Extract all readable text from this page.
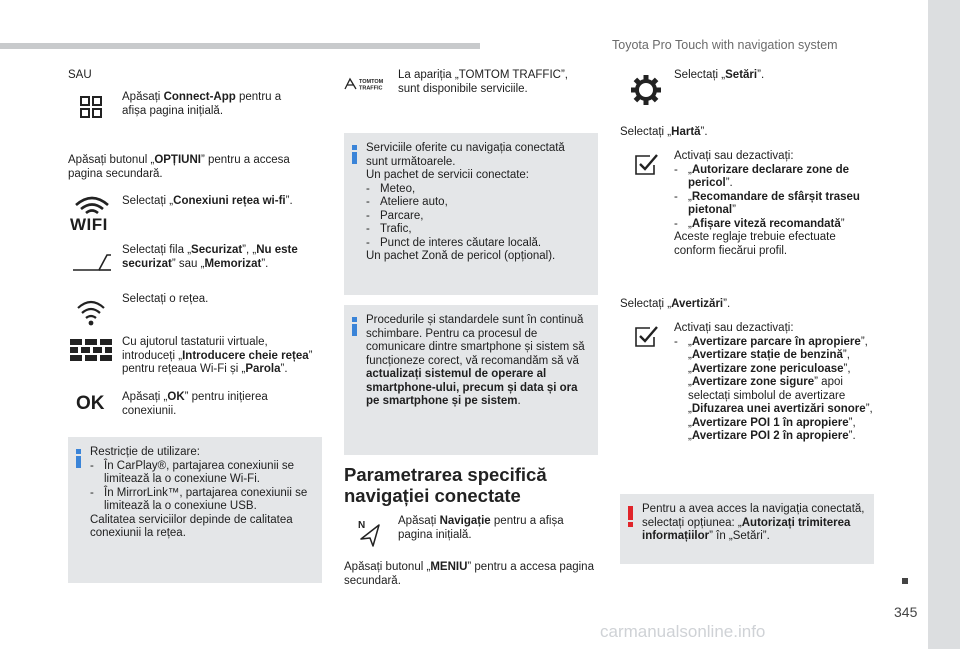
Toyota Pro Touch with navigation system
345
carmanualsonline.info
SAU
Apăsați Connect-App pentru a afișa pagina inițială.
Apăsați butonul „OPȚIUNI” pentru a accesa pagina secundară.
WIFI
Selectați „Conexiuni rețea wi-fi”.
Selectați fila „Securizat”, „Nu este securizat” sau „Memorizat”.
Selectați o rețea.
Cu ajutorul tastaturii virtuale, introduceți „Introducere cheie rețea” pentru rețeaua Wi-Fi și „Parola”.
OK Apăsați „OK” pentru inițierea conexiunii.
Restricție de utilizare:
- În CarPlay®, partajarea conexiunii se limitează la o conexiune Wi-Fi.
- În MirrorLink™, partajarea conexiunii se limitează la o conexiune USB.
Calitatea serviciilor depinde de calitatea conexiunii la rețea.
TOMTOM
TRAFFIC
La apariția „TOMTOM TRAFFIC”, sunt disponibile serviciile.
Serviciile oferite cu navigația conectată sunt următoarele.
Un pachet de servicii conectate:
- Meteo,
- Ateliere auto,
- Parcare,
- Trafic,
- Punct de interes căutare locală.
Un pachet Zonă de pericol (opțional).
Procedurile și standardele sunt în continuă schimbare. Pentru ca procesul de comunicare dintre smartphone și sistem să funcționeze corect, vă recomandăm să vă actualizați sistemul de operare al smartphone-ului, precum și data și ora pe smartphone și pe sistem.
Parametrarea specifică
navigației conectate
N	Apăsați Navigație pentru a afișa pagina inițială.
Apăsați butonul „MENIU” pentru a accesa pagina secundară.
Selectați „Setări”.
Selectați „Hartă”.
Activați sau dezactivați:
- „Autorizare declarare zone de pericol”.
- „Recomandare de sfârșit traseu pietonal”
- „Afișare viteză recomandată”
Aceste reglaje trebuie efectuate conform fiecărui profil.
Selectați „Avertizări”.
Activați sau dezactivați:
- „Avertizare parcare în apropiere”, „Avertizare stație de benzină”, „Avertizare zone periculoase”, „Avertizare zone sigure” apoi selectați simbolul de avertizare „Difuzarea unei avertizări sonore”, „Avertizare POI 1 în apropiere”, „Avertizare POI 2 în apropiere”.
Pentru a avea acces la navigația conectată, selectați opțiunea: „Autorizați trimiterea informațiilor” în „Setări”.
